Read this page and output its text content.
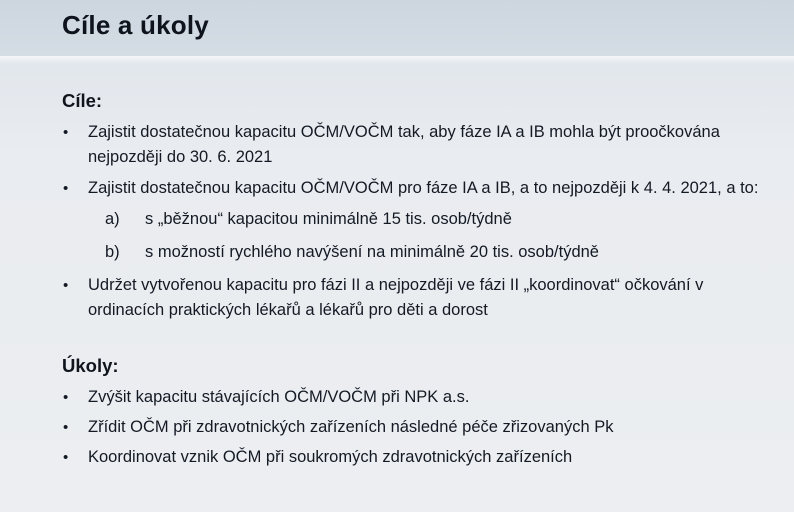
Cíle a úkoly

Cíle:

• Zajistit dostatečnou kapacitu OČM/VOČM tak, aby fáze IA a IB mohla být proočkována nejpozději do 30. 6. 2021
• Zajistit dostatečnou kapacitu OČM/VOČM pro fáze IA a IB, a to nejpozději k 4. 4. 2021, a to:
a) s „běžnou“ kapacitou minimálně 15 tis. osob/týdně
b) s možností rychlého navýšení na minimálně 20 tis. osob/týdně
• Udržet vytvořenou kapacitu pro fázi II a nejpozději ve fázi II „koordinovat“ očkování v ordinacích praktických lékařů a lékařů pro děti a dorost

Úkoly:

• Zvýšit kapacitu stávajících OČM/VOČM při NPK a.s.
• Zřídit OČM při zdravotnických zařízeních následné péče zřizovaných Pk
• Koordinovat vznik OČM při soukromých zdravotnických zařízeních
